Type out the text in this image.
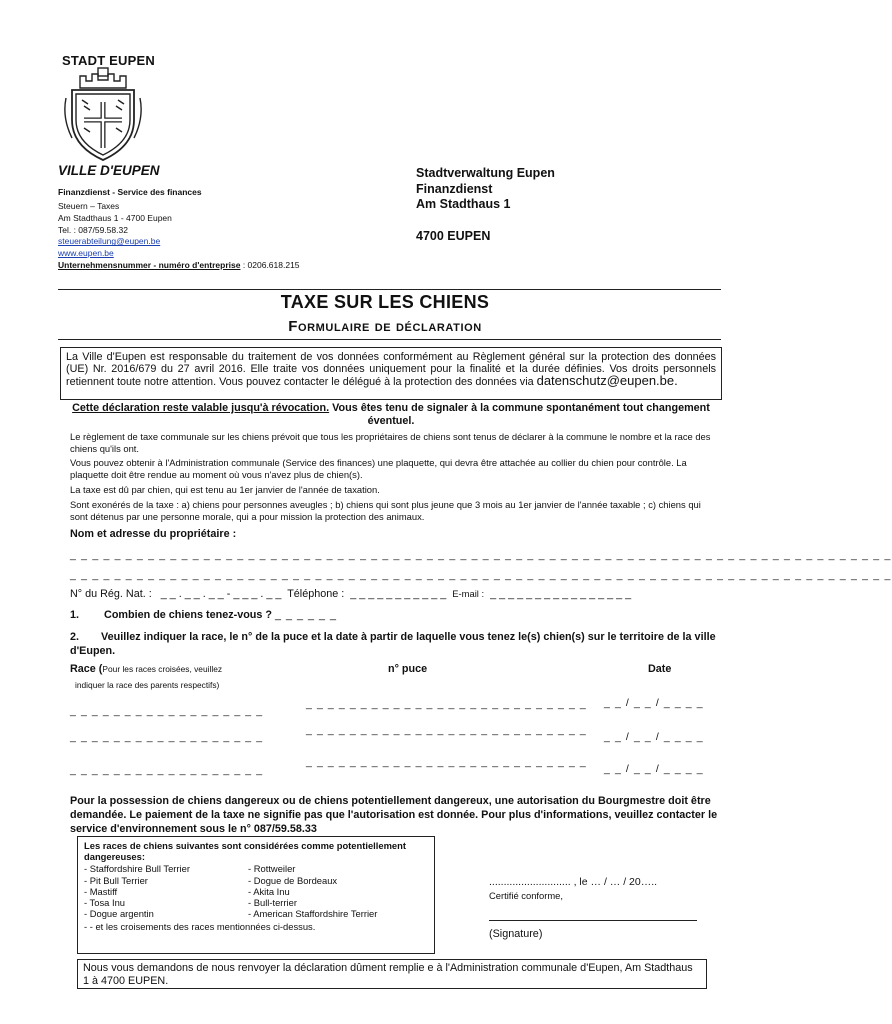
STADT EUPEN
VILLE D'EUPEN
Finanzdienst - Service des finances
Steuern – Taxes
Am Stadthaus 1 - 4700 Eupen
Tel. : 087/59.58.32
steuerabteilung@eupen.be
www.eupen.be
Unternehmensnummer - numéro d'entreprise : 0206.618.215
Stadtverwaltung Eupen
Finanzdienst
Am Stadthaus 1
4700 EUPEN
TAXE SUR LES CHIENS
Formulaire de déclaration
La Ville d'Eupen est responsable du traitement de vos données conformément au Règlement général sur la protection des données (UE) Nr. 2016/679 du 27 avril 2016. Elle traite vos données uniquement pour la finalité et la durée définies. Vos droits personnels retiennent toute notre attention. Vous pouvez contacter le délégué à la protection des données via datenschutz@eupen.be.
Cette déclaration reste valable jusqu'à révocation. Vous êtes tenu de signaler à la commune spontanément tout changement éventuel.
Le règlement de taxe communale sur les chiens prévoit que tous les propriétaires de chiens sont tenus de déclarer à la commune le nombre et la race des chiens qu'ils ont.
Vous pouvez obtenir à l'Administration communale (Service des finances) une plaquette, qui devra être attachée au collier du chien pour contrôle. La plaquette doit être rendue au moment où vous n'avez plus de chien(s).
La taxe est dû par chien, qui est tenu au 1er janvier de l'année de taxation.
Sont exonérés de la taxe : a) chiens pour personnes aveugles ; b) chiens qui sont plus jeune que 3 mois au 1er janvier de l'année taxable ; c) chiens qui sont détenus par une personne morale, qui a pour mission la protection des animaux.
Nom et adresse du propriétaire :
_ _ _ _ _ _ _ _ _ _ _ _ _ _ _ _ _ _ _ _ _ _ _ _ _ _ _ _ _ _ _ _ _ _ _ _ _ _ _ _ _ _ _ _ _ _ _ _ _ _ _ _ _ _ _ _ _ _ _ _ _ _ _ _ _ _ _ _ _ _ _ _ _ _
_ _ _ _ _ _ _ _ _ _ _ _ _ _ _ _ _ _ _ _ _ _ _ _ _ _ _ _ _ _ _ _ _ _ _ _ _ _ _ _ _ _ _ _ _ _ _ _ _ _ _ _ _ _ _ _ _ _ _ _ _ _ _ _ _ _ _ _ _ _ _ _ _ _
N° du Rég. Nat. : _ _ . _ _ . _ _ - _ _ _ . _ _ Téléphone : _ _ _ _ _ _ _ _ _ _ _ E-mail : _ _ _ _ _ _ _ _ _ _ _ _ _ _ _ _
1. Combien de chiens tenez-vous ? _ _ _ _ _ _
2. Veuillez indiquer la race, le n° de la puce et la date à partir de laquelle vous tenez le(s) chien(s) sur le territoire de la ville d'Eupen.
Race (Pour les races croisées, veuillez
indiquer la race des parents respectifs)
n° puce	Date
_ _ _ _ _ _ _ _ _ _ _ _ _ _ _ _ _ _
_ _ _ _ _ _ _ _ _ _ _ _ _ _ _ _ _ _ _ _ _ _ _ _ _ _ _ _ / _ _ / _ _ _ _
_ _ _ _ _ _ _ _ _ _ _ _ _ _ _ _ _ _
_ _ _ _ _ _ _ _ _ _ _ _ _ _ _ _ _ _ _ _ _ _ _ _ _ _
_ _ / _ _ / _ _ _ _
_ _ _ _ _ _ _ _ _ _ _ _ _ _ _ _ _ _
_ _ _ _ _ _ _ _ _ _ _ _ _ _ _ _ _ _ _ _ _ _ _ _ _ _
_ _ / _ _ / _ _ _ _
Pour la possession de chiens dangereux ou de chiens potentiellement dangereux, une autorisation du Bourgmestre doit être demandée. Le paiement de la taxe ne signifie pas que l'autorisation est donnée. Pour plus d'informations, veuillez contacter le service d'environnement sous le n° 087/59.58.33
Les races de chiens suivantes sont considérées comme potentiellement dangereuses:
- Staffordshire Bull Terrier
- Pit Bull Terrier
- Mastiff
- Tosa Inu
- Dogue argentin
- Rottweiler
- Dogue de Bordeaux
- Akita Inu
- Bull-terrier
- American Staffordshire Terrier
- - et les croisements des races mentionnées ci-dessus.
............................ , le … / … / 20…..
Certifié conforme,
(Signature)
Nous vous demandons de nous renvoyer la déclaration dûment remplie e à l'Administration communale d'Eupen, Am Stadthaus 1 à 4700 EUPEN.
